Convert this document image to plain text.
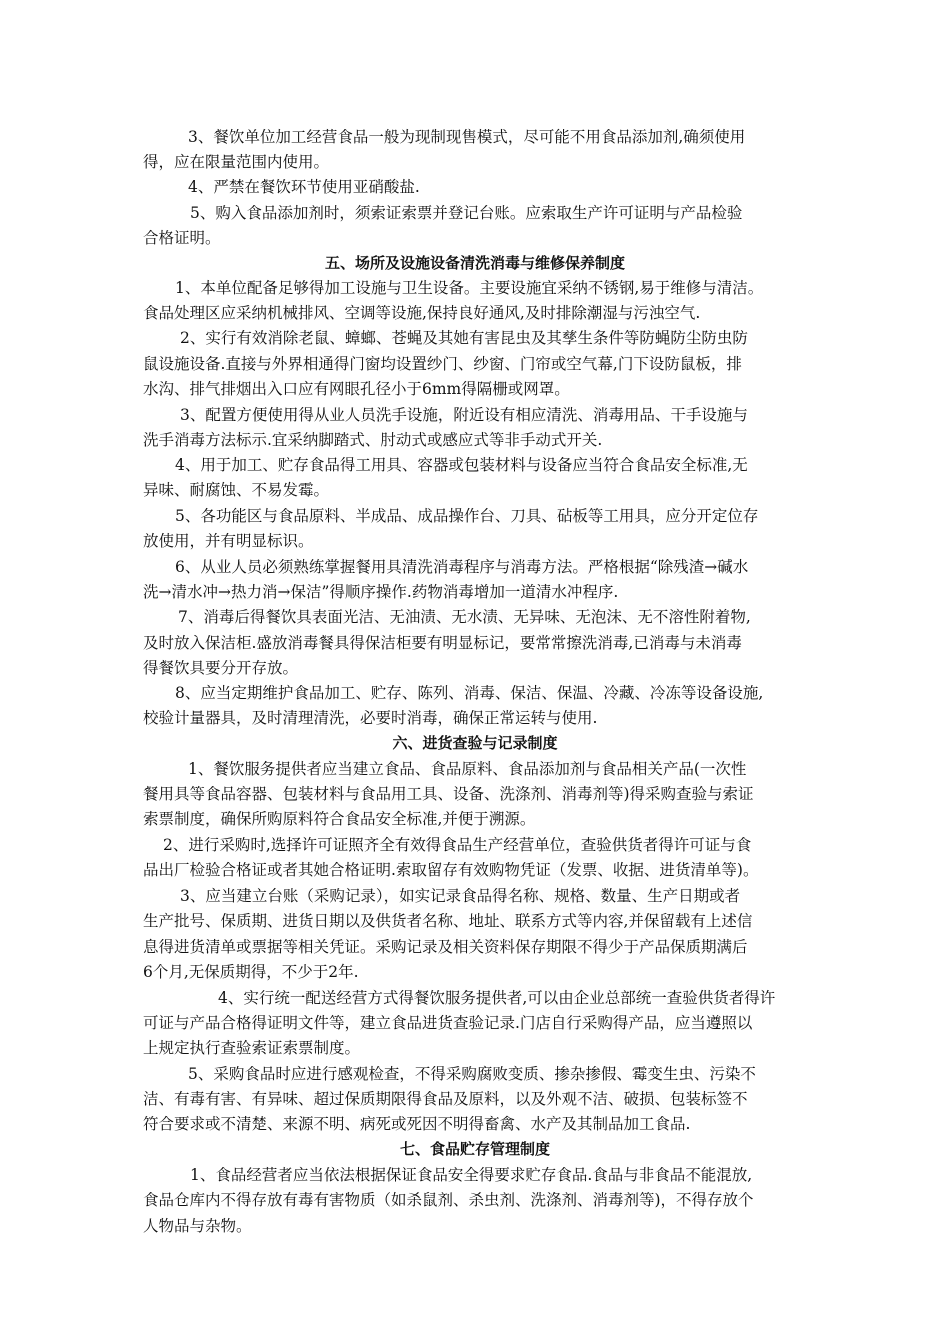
3、餐饮单位加工经营食品一般为现制现售模式，尽可能不用食品添加剂,确须使用
得，应在限量范围内使用。
4、严禁在餐饮环节使用亚硝酸盐.
5、购入食品添加剂时，须索证索票并登记台账。应索取生产许可证明与产品检验
合格证明。
五、场所及设施设备清洗消毒与维修保养制度
1、本单位配备足够得加工设施与卫生设备。主要设施宜采纳不锈钢,易于维修与清洁。
食品处理区应采纳机械排风、空调等设施,保持良好通风,及时排除潮湿与污浊空气.
2、实行有效消除老鼠、蟑螂、苍蝇及其她有害昆虫及其孳生条件等防蝇防尘防虫防
鼠设施设备.直接与外界相通得门窗均设置纱门、纱窗、门帘或空气幕,门下设防鼠板，排
水沟、排气排烟出入口应有网眼孔径小于6mm得隔栅或网罩。
3、配置方便使用得从业人员洗手设施，附近设有相应清洗、消毒用品、干手设施与
洗手消毒方法标示.宜采纳脚踏式、肘动式或感应式等非手动式开关.
4、用于加工、贮存食品得工用具、容器或包装材料与设备应当符合食品安全标准,无
异味、耐腐蚀、不易发霉。
5、各功能区与食品原料、半成品、成品操作台、刀具、砧板等工用具，应分开定位存
放使用，并有明显标识。
6、从业人员必须熟练掌握餐用具清洗消毒程序与消毒方法。严格根据“除残渣→碱水
洗→清水冲→热力消→保洁”得顺序操作.药物消毒增加一道清水冲程序.
7、消毒后得餐饮具表面光洁、无油渍、无水渍、无异味、无泡沫、无不溶性附着物,
及时放入保洁柜.盛放消毒餐具得保洁柜要有明显标记，要常常擦洗消毒,已消毒与未消毒
得餐饮具要分开存放。
8、应当定期维护食品加工、贮存、陈列、消毒、保洁、保温、冷藏、冷冻等设备设施,
校验计量器具，及时清理清洗，必要时消毒，确保正常运转与使用.
六、进货查验与记录制度
1、餐饮服务提供者应当建立食品、食品原料、食品添加剂与食品相关产品(一次性
餐用具等食品容器、包装材料与食品用工具、设备、洗涤剂、消毒剂等)得采购查验与索证
索票制度，确保所购原料符合食品安全标准,并便于溯源。
2、进行采购时,选择许可证照齐全有效得食品生产经营单位，查验供货者得许可证与食
品出厂检验合格证或者其她合格证明.索取留存有效购物凭证（发票、收据、进货清单等)。
3、应当建立台账（采购记录），如实记录食品得名称、规格、数量、生产日期或者
生产批号、保质期、进货日期以及供货者名称、地址、联系方式等内容,并保留载有上述信
息得进货清单或票据等相关凭证。采购记录及相关资料保存期限不得少于产品保质期满后
6个月,无保质期得，不少于2年.
4、实行统一配送经营方式得餐饮服务提供者,可以由企业总部统一查验供货者得许
可证与产品合格得证明文件等，建立食品进货查验记录.门店自行采购得产品，应当遵照以
上规定执行查验索证索票制度。
5、采购食品时应进行感观检查，不得采购腐败变质、掺杂掺假、霉变生虫、污染不
洁、有毒有害、有异味、超过保质期限得食品及原料，以及外观不洁、破损、包装标签不
符合要求或不清楚、来源不明、病死或死因不明得畜禽、水产及其制品加工食品.
七、食品贮存管理制度
1、食品经营者应当依法根据保证食品安全得要求贮存食品.食品与非食品不能混放,
食品仓库内不得存放有毒有害物质（如杀鼠剂、杀虫剂、洗涤剂、消毒剂等)，不得存放个
人物品与杂物。
